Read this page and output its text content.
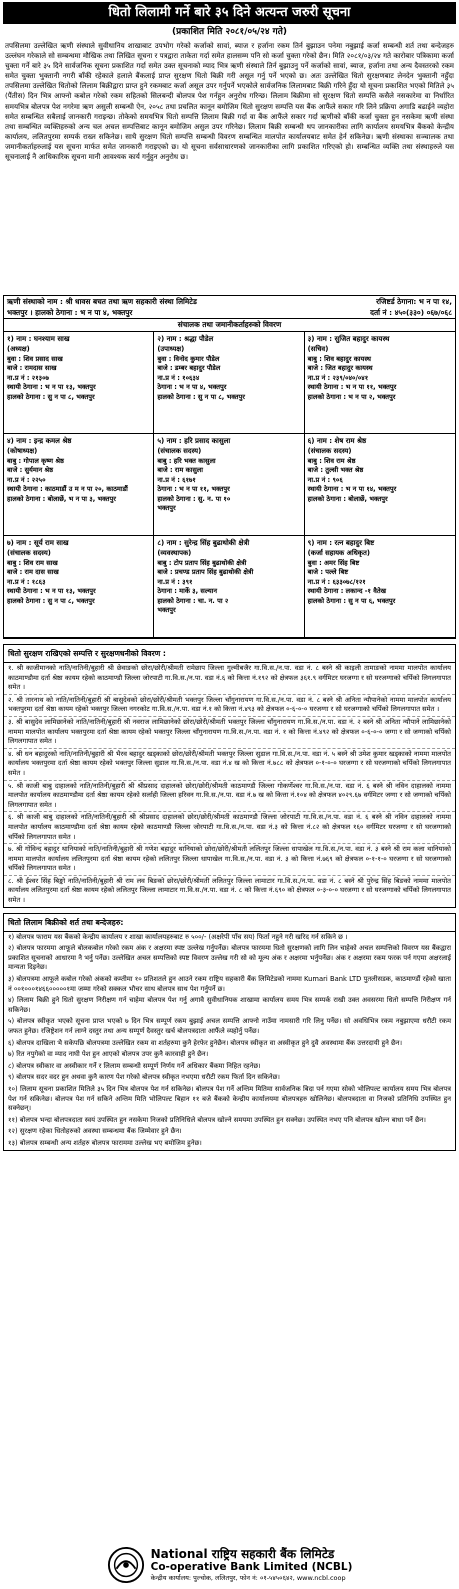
धितो लिलामी गर्ने बारे ३५ दिने अत्यन्त जरुरी सूचना
(प्रकाशित मिति २०८१/०५/२४ गते)
तपसिलमा उल्लेखित ऋणी संस्थाले सुवीधानिय शाखाबाट उपभोग गरेको कर्जाको सावां, ब्याज र हर्जाना रकम तिर्न बुझाउन पनेमा नबुझाई कर्जा सम्बन्धी शर्त तथा बन्देजहरु उल्लंघन गरेकाले सो सम्बन्धमा मौखिक तथा लिखित सूचना र पत्रद्वारा ताकेता गर्दा समेत हालसम्म पनि सो कर्जा चुक्ता गरेको छैन। मिति २०८१/०३/२४ गते कारोबार पत्रिकामा कर्जा चुक्ता गर्ने बारे ३५ दिने सार्वजनिक सूचना प्रकाशित गर्दा समेत उक्त सूचनाको म्याद भित्र ऋणी संस्थाले तिर्न बुझाउनु पर्ने कर्जाको सावां, ब्याज, हर्जाना तथा अन्य दैवस्तरको रकम समेत चुक्ता भुक्तानी नगरी बाँकी रहेकाले हलाले बैंकलाई प्राप्त सुरक्षण धितो बिक्री गरी असूल गर्नु पर्ने भएको छ। अतः उल्लेखित धितो सुरक्षणबाट लेनदेन भुक्तानी नहुँदा तपसिलमा उल्लेखित धितोको लिलाम बिक्रीद्वारा प्राप्त हुने रकमबाट कर्जा असूल उपर गर्नुपर्ने भएकोले सार्वजनिक लिलामबाट बिक्री गरिने हुँदा यो सूचना प्रकाशित भएको मितिले ३५ (पैंतीस) दिन भित्र आफ्नो कबोल गरेको रकम सहितको सिलबन्दी बोलपत्र पेश गर्नहुन अनुरोध गरिन्छ। लिलाम बिक्रीमा सो सुरक्षण धितो सम्पत्ति कसैले नसकारेमा वा निर्धारित समयभित्र बोलपत्र पेश नगरेमा ऋण असुली सम्बन्धी ऐन, २०५८ तथा प्रचलित कानून बमोजिम धितो सुरक्षण सम्पत्ति यस बैंक आफैंले सकार गरि लिने प्रक्रिया अगाडि बढाईने व्यहोरा समेत सम्बन्धित सबैलाई जानकारी गराइन्छ। तोकेको समयभित्र धितो सम्पत्ति लिलाम बिक्री गर्दा वा बैंक आफैंले सकार गर्दा ऋणीको बाँकी कर्जा चुक्ता हुन नसकेमा ऋणी संस्था तथा सम्बन्धित व्यक्तिहरुको अन्य चल अचल सम्पत्तिबाट कानून बमोजिम असुल उपर गरिनेछ। लिलाम बिक्री सम्बन्धी थप जानकारीका लागि कार्यालय समयभित्र बैंकको केन्द्रीय कार्यालय, ललितपुरमा सम्पर्क राख्न सकिनेछ। साथै सुरक्षण धितो सम्पत्ति सम्बन्धी विवरण सम्बन्धित मालपोत कार्यालयबाट समेत हेर्न सकिनेछ। ऋणी संस्थाका सञ्चालक तथा जमानीकर्ताहरुलाई यस सूचना मार्फत समेत जानकारी गराइएको छ। यो सूचना सर्वसाधारणको जानकारीका लागि प्रकाशित गरिएको हो। सम्बन्धित व्यक्ति तथा संस्थाहरुले यस सूचनालाई नै आधिकारिक सूचना मानी आवश्यक कार्य गर्नुहुन अनुरोध छ।
ऋणी संस्थाको नाम : श्री धावस बचत तथा ऋण सहकारी संस्था लिमिटेड	रजिष्टर्ड ठेगाना: भ न पा १४,
भक्तपुर । हालको ठेगाना : भ न पा ४, भक्तपुर	दर्ता नं : ४५०(३३०) ०६७/०६८
संचालक तथा जमानीकर्ताहरुको विवरण
१) नाम : घनश्याम साख
(अध्यक्ष)
बुवा : शिव प्रसाद साख
बाजे : रामदास साख
ना.प्र नं : २१३०७
स्थायी ठेगाना : भ न पा १३, भक्तपुर
हालको ठेगाना : सु न पा ८, भक्तपुर
२) नाम : श्रद्धा पौडेल
(उपाध्यक्ष)
बुवा : विनोद कुमार पौडेल
बाजे : डम्बर बहादुर पौडेल
ना.प्र नं : १०६३४
ठेगाना : भ न पा ४, भक्तपुर
हालको ठेगाना : सु न पा ८, भक्तपुर
३) नाम : सुजित बहादुर कायस्थ
(सचिव)
बाबु : शिव बहादुर कायस्थ
बाजे : जित बहादुर कायस्थ
ना.प्र नं : २३९/०४०/०४१
स्थायी ठेगाना : भ न पा ११, भक्तपुर
हालको ठेगाना : भ न पा २, भक्तपुर
४) नाम : इन्द्र कमल श्रेष्ठ
(कोषाध्यक्ष)
बाबु : गोपाल कृष्ण श्रेष्ठ
बाजे : सुर्यमान श्रेष्ठ
ना.प्र नं : २२५०
स्थायी ठेगाना : काठमाडौं उ म न पा २०, काठमाडौं
हालको ठेगाना : बोलाछें, भ न पा ३, भक्तपुर
५) नाम : हरि प्रसाद कासुला
(संचालक सदस्य)
बाबु : हरि भक्त कासुला
बाजे : राम कासुला
ना.प्र नं : ६१७१
ठेगाना : भ न पा ११, भक्तपुर
हालको ठेगाना : सु. न. पा १०
भक्तपुर
६) नाम : शेष राम श्रेष्ठ
(संचालक सदस्य)
बाबु : शिव राम श्रेष्ठ
बाजे : तुल्सी भक्त श्रेष्ठ
ना.प्र नं : ९०६
स्थायी ठेगाना : भ न पा १४, भक्तपुर
हालको ठेगाना : बोलाछें, भक्तपुर
७) नाम : सूर्य राम साख
(संचालक सदस्य)
बाबु : शिव राम साख
बाजे : राम दास साख
ना.प्र नं : १८६३
स्थायी ठेगाना : भ न पा १३, भक्तपुर
हालको ठेगाना : सु न पा ८, भक्तपुर
८) नाम : सुरेन्द्र सिंह बुढाथोकी क्षेत्री
(व्यवस्थापक)
बाबु : टोप प्रताप सिंह बुढाथोकी क्षेत्री
बाजे : प्रचण्ड प्रताप सिंह बुढाथोकी क्षेत्री
ना.प्र नं : ३९१
ठेगाना : मार्के ३, सल्यान
हालको ठेगाना : चा. न. पा २
भक्तपुर
९) नाम : रत्न बहादुर बिष्ट
(कर्जा सहायक अधिकृत)
बुवा : अमर सिंह बिष्ट
बाजे : पल्ले बिष्ट
ना.प्र नं : ६३३०७८/१२१
स्थायी ठेगाना : लकान्द -१ वैतेख
हालको ठेगाना : सु न पा ६, भक्तपुर
धितो सुरक्षण राखिएको सम्पत्ति र सुरक्षणधनीको विवरण :
१. श्री काजीमानको नाति/नातिनी/बुहारी श्री छेवाङको छोरा/छोरी/श्रीमती रामेछाप जिल्ला गुल्मीबजैर गा.वि.स./न.पा. वडा नं. ८ बस्ने श्री काइली तामाङको नाममा मालपोत कार्यालय काठमाण्डौमा दर्ता श्रेष्ठा कायम रहेको काठमाण्डौ जिल्ला जोरपाटी गा.वि.स./न.पा. वडा नं.६ को कित्ता नं.१९२ को क्षेत्रफल ३६१.९ वर्गमिटर घरजग्गा र सो घरजग्गाको चर्पिको लिगलगापात समेत ।
२. श्री तारनाथ को नाति/नातिनी/बुहारी श्री बासुदेवको छोरा/छोरी/श्रीमती भक्तपुर जिल्ला चाँगुनारायण गा.वि.स./न.पा. वडा नं. ८ बस्ने श्री अनिता न्यौपानेको नाममा मालपोत कार्यालय भक्तपुरमा दर्ता श्रेष्ठा कायम रहेको भक्तपुर जिल्ला नगरकोट गा.वि.स./न.पा. वडा नं.१ को कित्ता नं.४९३ को क्षेत्रफल ०-६-०-० घरजग्गा र सो घरजग्गाको चर्पिको लिगलगापात समेत ।
३. श्री बासुदेव लामिछानेको नाति/नातिनी/बुहारी श्री नवराज लामिछानेको छोरा/छोरी/श्रीमती भक्तपुर जिल्ला चाँगुनारायण गा.वि.स./न.पा. वडा नं. २ बस्ने श्री अनिता न्यौपाने लामिछानेको नाममा मालपोत कार्यालय भक्तपुरमा दर्ता श्रेष्ठा कायम रहेको भक्तपुर जिल्ला चाँगुनारायण गा.वि.स./न.पा. वडा नं. १ को कित्ता नं.४९२ को क्षेत्रफल ०-६-०-० जग्गा र सो जग्गाको चर्पिको लिगलगापात समेत ।
४. श्री धन बहादुरको नाति/नातिनी/बुहारी श्री भैरव बहादुर खड्काको छोरा/छोरी/श्रीमती भक्तपुर जिल्ला सुडाल गा.वि.स./न.पा. वडा नं. ५ बस्ने श्री उमेश कुमार खड्काको नाममा मालपोत कार्यालय भक्तपुरमा दर्ता श्रेष्ठा कायम रहेको भक्तपुर जिल्ला सुडाल गा.वि.स./न.पा. वडा नं.४ ख को कित्ता नं.७८८ को क्षेत्रफल ०-१-०-० घरजग्गा र सो घरजग्गाको चर्पिको लिगलगापात समेत ।
५. श्री काजी बाबु दाहालको नाति/नातिनी/बुहारी श्री श्रीप्रसाद दाहालको छोरा/छोरी/श्रीमती काठमाण्डौ जिल्ला गोकर्णेश्वर गा.वि.स./न.पा. वडा नं. ६ बस्ने श्री नविन दाहालको नाममा मालपोत कार्यालय काठमाण्डौमा दर्ता श्रेष्ठा कायम रहेको सर्लाही जिल्ला हरिवन गा.वि.स./न.पा. वडा नं.७ ख को कित्ता नं.१०४ को क्षेत्रफल ४०२९.६७ वर्गमिटर जग्गा र सो जग्गाको चर्पिको लिगलगापात समेत ।
६. श्री काजी बाबु दाहालको नाति/नातिनी/बुहारी श्री श्रीप्रसाद दाहालको छोरा/छोरी/श्रीमती काठमाण्डौ जिल्ला जोरपाटी गा.वि.स./न.पा. वडा नं. ६ बस्ने श्री नविन दाहालको नाममा मालपोत कार्यालय काठमाण्डौमा दर्ता श्रेष्ठा कायम रहेको काठमाण्डौ जिल्ला जोरपाटी गा.वि.स./न.पा. वडा नं.३ को कित्ता नं.८२ को क्षेत्रफल १६० वर्गमिटर घरजग्गा र सो घरजग्गाको चर्पिको लिगलगापात समेत ।
७. श्री गोविन्द बहादुर थानियाको नाति/नातिनी/बुहारी श्री गणेश बहादुर थानियाको छोरा/छोरी/श्रीमती ललितपुर जिल्ला धापाखेल गा.वि.स./न.पा. वडा नं. ३ बस्ने श्री राम कला थानियाको नाममा मालपोत कार्यालय ललितपुरमा दर्ता श्रेष्ठा कायम रहेको ललितपुर जिल्ला धापाखेल गा.वि.स./न.पा. वडा नं. ३ को कित्ता नं.७६९ को क्षेत्रफल ०-१-१-० घरजग्गा र सो घरजग्गाको चर्पिको लिगलगापात समेत ।
८. श्री ईश्वर सिंह बिङ्को नाति/नातिनी/बुहारी श्री राम लव बिङको छोरा/छोरी/श्रीमती ललितपुर जिल्ला लामाटार गा.वि.स./न.पा. वडा नं. ८ बस्ने श्री पुरेन्द्र सिंह बिङको नाममा मालपोत कार्यालय ललितपुरमा दर्ता श्रेष्ठा कायम रहेको ललितपुर जिल्ला लामाटार गा.वि.स./न.पा. वडा नं. ८ को कित्ता नं.६९० को क्षेत्रफल ०-३-०-० घरजग्गा र सो घरजग्गाको चर्पिको लिगलगापात समेत ।
धितो लिलाम बिक्रीको शर्त तथा बन्देजहरु:
१) बोलपत्र फाराम यस बैंकको केन्द्रीय कार्यालय र शाखा कार्यालयहरुबाट रु ५००/- (अक्षरेपी पाँच सय) फिर्ता नहुने गरी खरिद गर्न सकिने छ ।
२) बोलपत्र फारममा आफूले बोलकबोल गरेको रकम अंक र अक्षरमा स्पष्ट उल्लेख गर्नुपर्नेछ। बोलपत्र फारममा धितो सुरक्षणको लागि लिन चाहेको अचल सम्पत्तिको विवरण यस बैंकद्वारा प्रकाशित सूचनाको आधारमा नै भर्नु पर्नेछ। उल्लेखित अचल सम्पत्तिको स्पष्ट विवरण उल्लेख गरी सो को मूल्य अंक र अक्षरमा भर्नुपर्नेछ। अंक र अक्षरमा रकम फरक पर्न गएमा अक्षरलाई मान्यता दिइनेछ।
३) बोलपत्रमा आफूले कबोल गरेको अंकको कम्तीमा १० प्रतिशतले हुन आउने रकम राष्ट्रिय सहकारी बैंक लिमिटेडको नाममा Kumari Bank LTD पुतलीसडक, काठमाण्डौं रहेको खाता नं ००१०००१४६६०००००१मा जम्मा गरेको सक्कल भौचर साथ बोलपत्र साथ पेश गर्नुपर्ने छ।
४) लिलाम बिक्री हुने धितो सुरक्षण निरीक्षण गर्न चाहेमा बोलपत्र पेश गर्नु अगावै सुवीधानियक शाखामा कार्यालय समय भित्र सम्पर्क राखी उक्त अवसरमा धितो सम्पत्ति निरीक्षण गर्न सकिनेछ।
५) बोलपत्र स्वीकृत भएको सूचना प्राप्त भएको ७ दिन भित्र सम्पूर्ण रकम बुझाई अचल सम्पत्ति आफ्नो नाउँमा नामसारी गरि लिनु पर्नेछ। सो अवधिभित्र रकम नबुझाएमा धरौटी रकम जफत हुनेछ। रजिष्ट्रेशन गर्न लाग्ने दस्तुर तथा अन्य सम्पूर्ण दैवस्तुर खर्च बोलपत्रदाता आफैंले व्यहोर्नु पर्नेछ।
६) बोलपत्र दाखिला भै सकेपछि बोलपत्रमा उल्लेखित रकम वा शर्तहरुमा कुनै हेरफेर हुनेछैन। बोलपत्र स्वीकृत वा अस्वीकृत हुने दुवै अवस्थामा बैंक उत्तरदायी हुने छैन।
७) रित नपुगेको वा म्याद नाघी पेश हुन आएको बोलपत्र उपर कुनै कारवाही हुने छैन।
८) बोलपत्र स्वीकार वा अस्वीकार गर्ने र लिलाम सम्बन्धी सम्पूर्ण निर्णय गर्ने अधिकार बैंकमा निहित रहनेछ।
९) बोलपत्र सदर वदर हुन अथवा कुनै कारण पेश गरेको बोलपत्र स्वीकृत नभएमा धरौटी रकम फिर्ता दिन सकिनेछ।
१०) लिलाम सूचना प्रकाशित मितिले ३५ दिन भित्र बोलपत्र पेश गर्न सकिनेछ। बोलपत्र पेश गर्ने अन्तिम मितिमा सार्वजनिक बिदा पर्न गएमा सोको भोलिपल्ट कार्यालय समय भित्र बोलपत्र पेश गर्न सकिनेछ। बोलपत्र पेश गर्न सकिने अन्तिम मिति भोलिपल्ट बिहान ११ बजे बैंकको केन्द्रीय कार्यालयमा बोलपत्रहरु खोलिनेछ। बोलपत्रदाता वा निजको प्रतिनिधि उपस्थित हुन सक्नेछन्।
११) बोलपत्र भन्दा बोलपत्रदाता स्वयं उपस्थित हुन नसकेमा निजको प्रतिनिधिले बोलपत्र खोल्ने समयमा उपस्थित हुन सक्नेछ। उपस्थित नभए पनि बोलपत्र खोल्न बाधा पर्ने छैन।
१२) सुरक्षण रहेका धितोहरुको अवस्था सम्बन्धमा बैंक जिम्मेवार हुने छैन।
१३) बोलपत्र सम्बन्धी अन्य शर्तहरु बोलपत्र फाराममा उल्लेख भए बमोजिम हुनेछ।
National राष्ट्रिय सहकारी बैंक लिमिटेड
Co-operative Bank Limited (NCBL)
केन्द्रीय कार्यालय: पुल्चोक, ललितपुर, फोन नं: ०१-५४५०६४२, www.ncbl.coop
